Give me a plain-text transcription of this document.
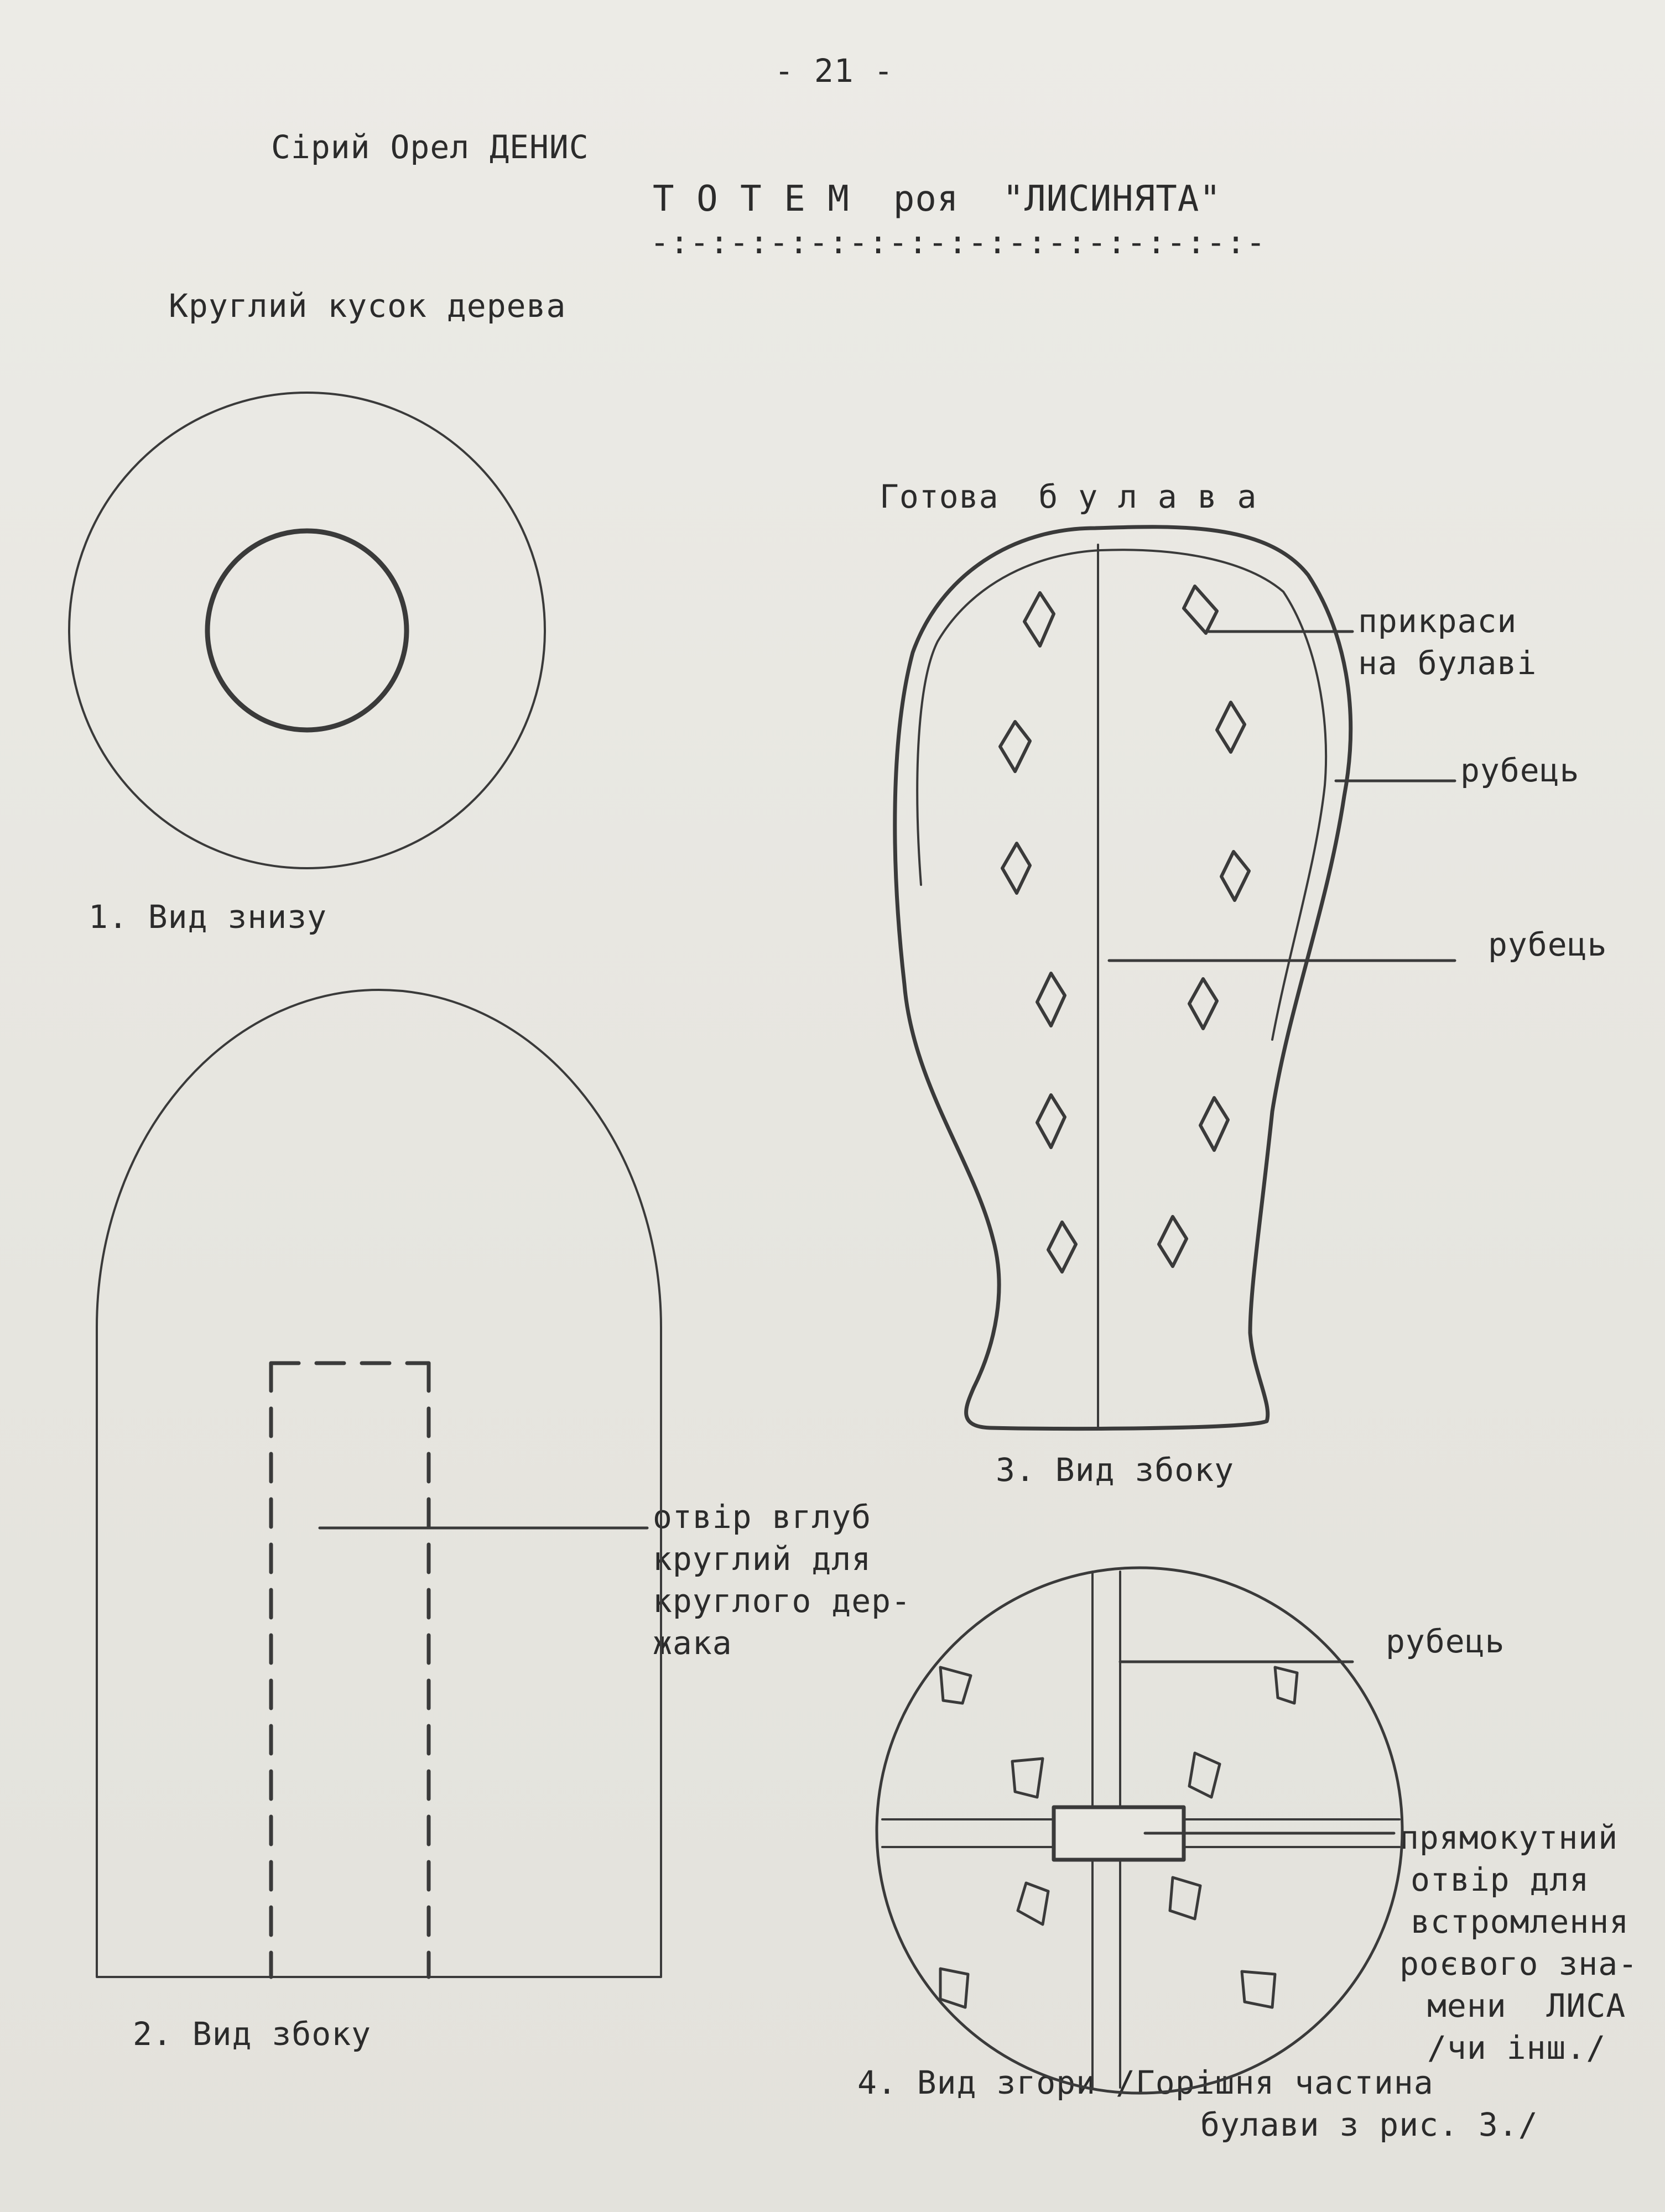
- 21 -
Сірий Орел ДЕНИС
Т О Т Е М  роя  "ЛИСИНЯТА"
-:-:-:-:-:-:-:-:-:-:-:-:-:-:-:-
Круглий кусок дерева
1. Вид знизу
2. Вид збоку
Готова  б у л а в а
3. Вид збоку
4. Вид згори /Горішня частина
булави з рис. 3./
прикраси
на булаві
рубець
рубець
рубець
отвір вглуб
круглий для
круглого дер-
жака
прямокутний
отвір для
встромлення
роєвого зна-
мени  ЛИСА
/чи інш./
